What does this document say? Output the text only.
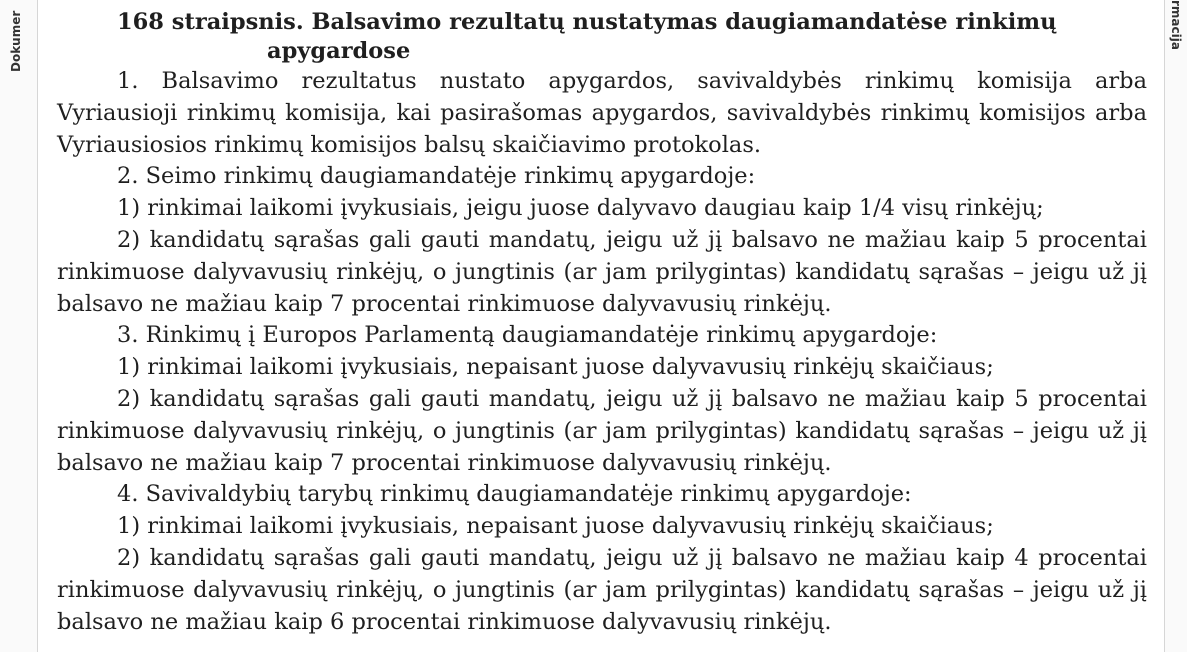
Dokumer	rmacija

168 straipsnis. Balsavimo rezultatų nustatymas daugiamandatėse rinkimų
apygardose

1. Balsavimo rezultatus nustato apygardos, savivaldybės rinkimų komisija arba Vyriausioji rinkimų komisija, kai pasirašomas apygardos, savivaldybės rinkimų komisijos arba Vyriausiosios rinkimų komisijos balsų skaičiavimo protokolas.

2. Seimo rinkimų daugiamandatėje rinkimų apygardoje:

1) rinkimai laikomi įvykusiais, jeigu juose dalyvavo daugiau kaip 1/4 visų rinkėjų;

2) kandidatų sąrašas gali gauti mandatų, jeigu už jį balsavo ne mažiau kaip 5 procentai rinkimuose dalyvavusių rinkėjų, o jungtinis (ar jam prilygintas) kandidatų sąrašas – jeigu už jį balsavo ne mažiau kaip 7 procentai rinkimuose dalyvavusių rinkėjų.

3. Rinkimų į Europos Parlamentą daugiamandatėje rinkimų apygardoje:

1) rinkimai laikomi įvykusiais, nepaisant juose dalyvavusių rinkėjų skaičiaus;

2) kandidatų sąrašas gali gauti mandatų, jeigu už jį balsavo ne mažiau kaip 5 procentai rinkimuose dalyvavusių rinkėjų, o jungtinis (ar jam prilygintas) kandidatų sąrašas – jeigu už jį balsavo ne mažiau kaip 7 procentai rinkimuose dalyvavusių rinkėjų.

4. Savivaldybių tarybų rinkimų daugiamandatėje rinkimų apygardoje:

1) rinkimai laikomi įvykusiais, nepaisant juose dalyvavusių rinkėjų skaičiaus;

2) kandidatų sąrašas gali gauti mandatų, jeigu už jį balsavo ne mažiau kaip 4 procentai rinkimuose dalyvavusių rinkėjų, o jungtinis (ar jam prilygintas) kandidatų sąrašas – jeigu už jį balsavo ne mažiau kaip 6 procentai rinkimuose dalyvavusių rinkėjų.
